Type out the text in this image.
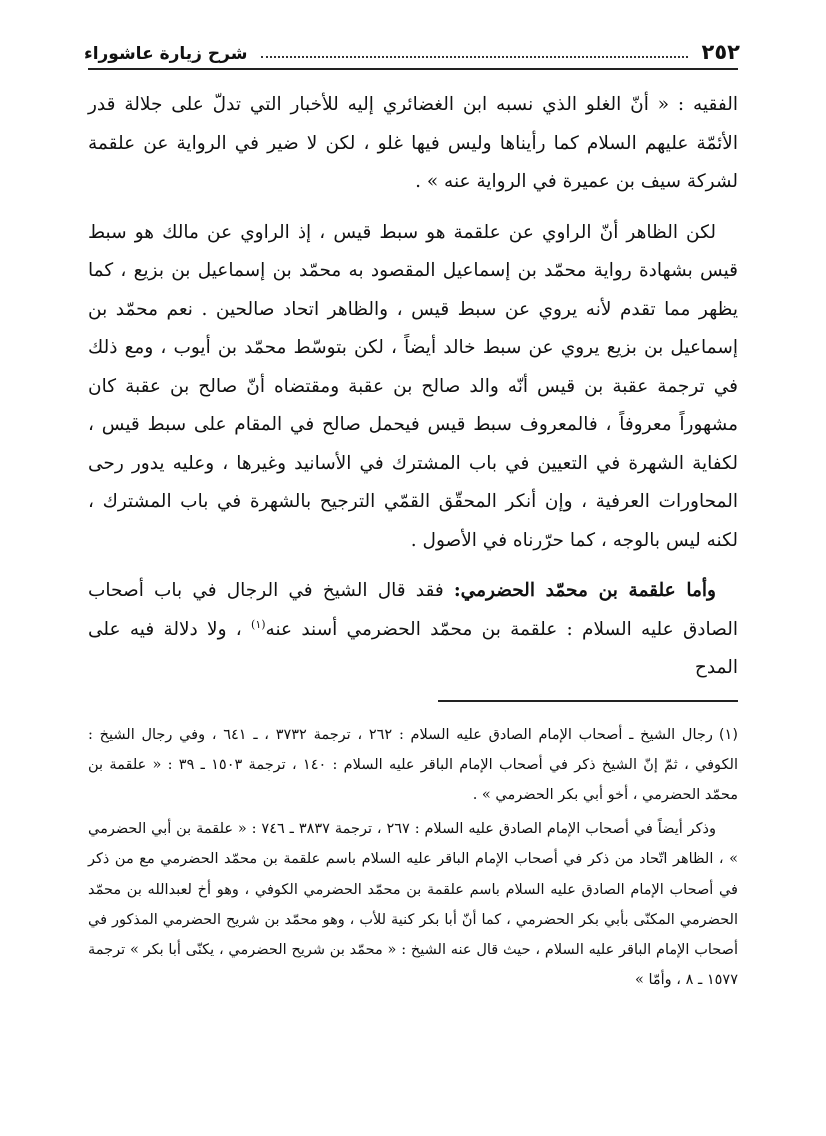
٢٥٢
شرح زيارة عاشوراء

الفقيه : « أنّ الغلو الذي نسبه ابن الغضائري إليه للأخبار التي تدلّ على جلالة قدر الأئمّة عليهم السلام كما رأيناها وليس فيها غلو ، لكن لا ضير في الرواية عن علقمة لشركة سيف بن عميرة في الرواية عنه » .

لكن الظاهر أنّ الراوي عن علقمة هو سبط قيس ، إذ الراوي عن مالك هو سبط قيس بشهادة رواية محمّد بن إسماعيل المقصود به محمّد بن إسماعيل بن بزيع ، كما يظهر مما تقدم لأنه يروي عن سبط قيس ، والظاهر اتحاد صالحين . نعم محمّد بن إسماعيل بن بزيع يروي عن سبط خالد أيضاً ، لكن بتوسّط محمّد بن أيوب ، ومع ذلك في ترجمة عقبة بن قيس أنّه والد صالح بن عقبة ومقتضاه أنّ صالح بن عقبة كان مشهوراً معروفاً ، فالمعروف سبط قيس فيحمل صالح في المقام على سبط قيس ، لكفاية الشهرة في التعيين في باب المشترك في الأسانيد وغيرها ، وعليه يدور رحى المحاورات العرفية ، وإن أنكر المحقّق القمّي الترجيح بالشهرة في باب المشترك ، لكنه ليس بالوجه ، كما حرّرناه في الأصول .

وأما علقمة بن محمّد الحضرمي: فقد قال الشيخ في الرجال في باب أصحاب الصادق عليه السلام : علقمة بن محمّد الحضرمي أسند عنه$^{(١)}$ ، ولا دلالة فيه على المدح

(١)رجال الشيخ ـ أصحاب الإمام الصادق عليه السلام : ٢٦٢ ، ترجمة ٣٧٣٢ ، ـ ٦٤١ ، وفي رجال الشيخ : الكوفي ، ثمّ إنّ الشيخ ذكر في أصحاب الإمام الباقر عليه السلام : ١٤٠ ، ترجمة ١٥٠٣ ـ ٣٩ : « علقمة بن محمّد الحضرمي ، أخو أبي بكر الحضرمي » .

وذكر أيضاً في أصحاب الإمام الصادق عليه السلام : ٢٦٧ ، ترجمة ٣٨٣٧ ـ ٧٤٦ : « علقمة بن أبي الحضرمي » ، الظاهر اتّحاد من ذكر في أصحاب الإمام الباقر عليه السلام باسم علقمة بن محمّد الحضرمي مع من ذكر في أصحاب الإمام الصادق عليه السلام باسم علقمة بن محمّد الحضرمي الكوفي ، وهو أخ لعبدالله بن محمّد الحضرمي المكنّى بأبي بكر الحضرمي ، كما أنّ أبا بكر كنية للأب ، وهو محمّد بن شريح الحضرمي المذكور في أصحاب الإمام الباقر عليه السلام ، حيث قال عنه الشيخ : « محمّد بن شريح الحضرمي ، يكنّى أبا بكر » ترجمة ١٥٧٧ ـ ٨ ، وأمّا »
